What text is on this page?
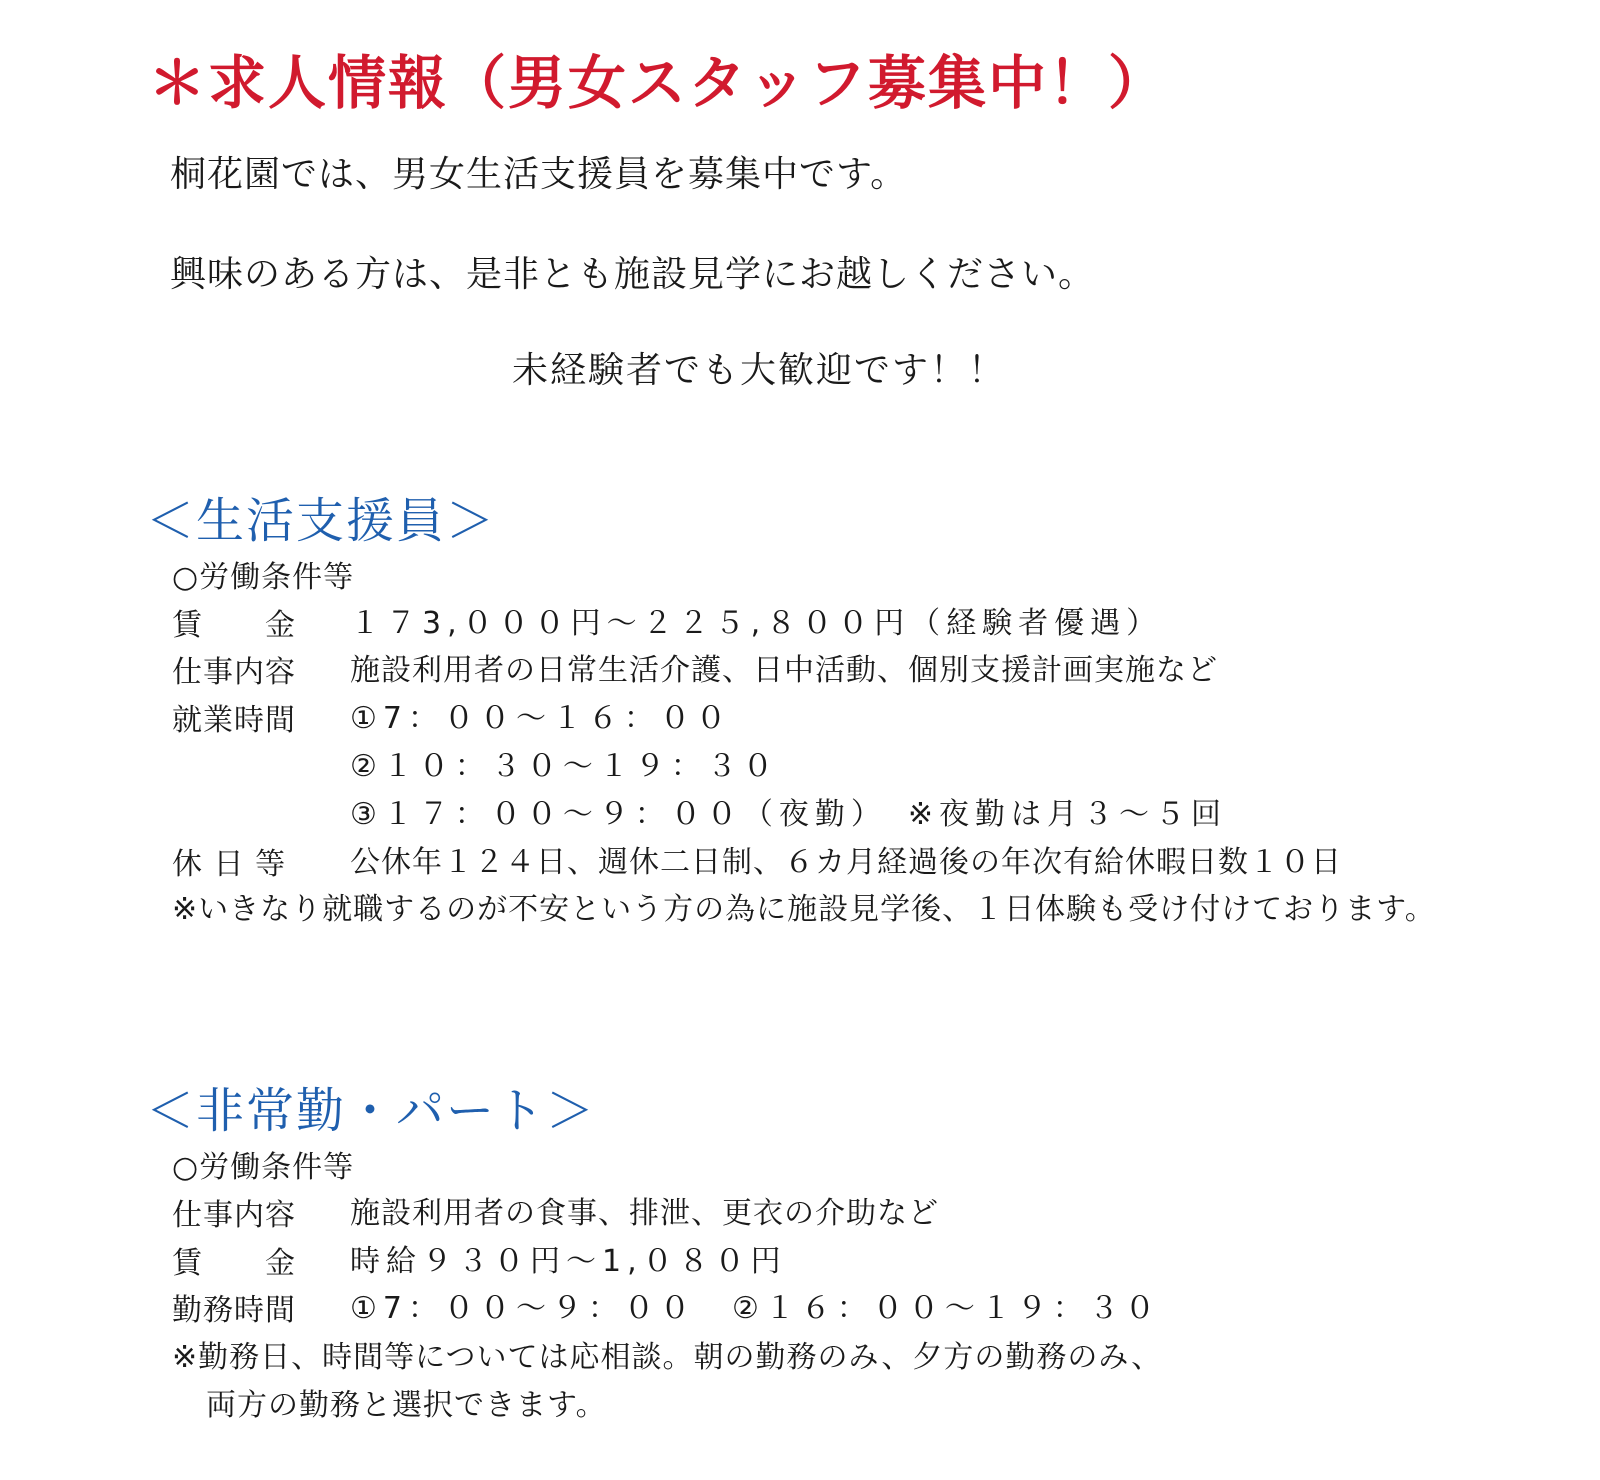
＊求人情報（男女スタッフ募集中！）
桐花園では、男女生活支援員を募集中です。
興味のある方は、是非とも施設見学にお越しください。
未経験者でも大歓迎です！！
＜生活支援員＞
○労働条件等
賃　　金 １７3,０００円～２２５,８００円（経験者優遇）
仕事内容 施設利用者の日常生活介護、日中活動、個別支援計画実施など
就業時間 ①7：００～１６：００
②１０：３０～１９：３０
③１７：００～９：００（夜勤）　※夜勤は月３～５回
休 日 等 公休年１２４日、週休二日制、６カ月経過後の年次有給休暇日数１０日
※いきなり就職するのが不安という方の為に施設見学後、１日体験も受け付けております。
＜非常勤・パート＞
○労働条件等
仕事内容 施設利用者の食事、排泄、更衣の介助など
賃　　金 時給９３０円～1,０８０円
勤務時間 ①7：００～９：００　②１６：００～１９：３０
※勤務日、時間等については応相談。朝の勤務のみ、夕方の勤務のみ、
両方の勤務と選択できます。
